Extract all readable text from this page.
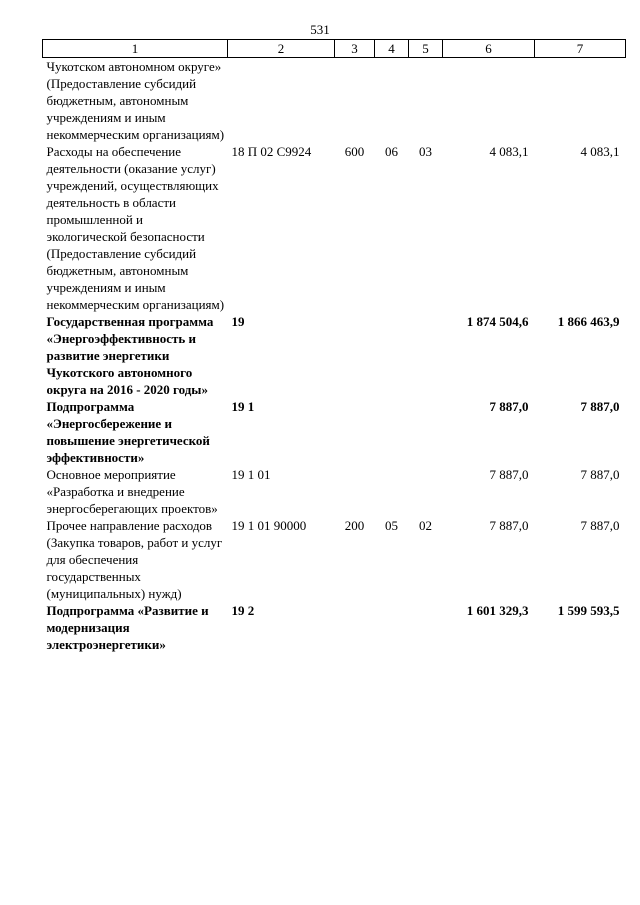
531
1	2	3	4	5	6	7
Чукотском автономном округе» (Предоставление субсидий бюджетным, автономным учреждениям и иным некоммерческим организациям)						
Расходы на обеспечение деятельности (оказание услуг) учреждений, осуществляющих деятельность в области промышленной и экологической безопасности (Предоставление субсидий бюджетным, автономным учреждениям и иным некоммерческим организациям)	18 П 02 С9924	600	06	03	4 083,1	4 083,1
Государственная программа «Энергоэффективность и развитие энергетики Чукотского автономного округа на 2016 - 2020 годы»	19				1 874 504,6	1 866 463,9
Подпрограмма «Энергосбережение и повышение энергетической эффективности»	19 1				7 887,0	7 887,0
Основное мероприятие «Разработка и внедрение энергосберегающих проектов»	19 1 01				7 887,0	7 887,0
Прочее направление расходов (Закупка товаров, работ и услуг для обеспечения государственных (муниципальных) нужд)	19 1 01 90000	200	05	02	7 887,0	7 887,0
Подпрограмма «Развитие и модернизация электроэнергетики»	19 2				1 601 329,3	1 599 593,5
